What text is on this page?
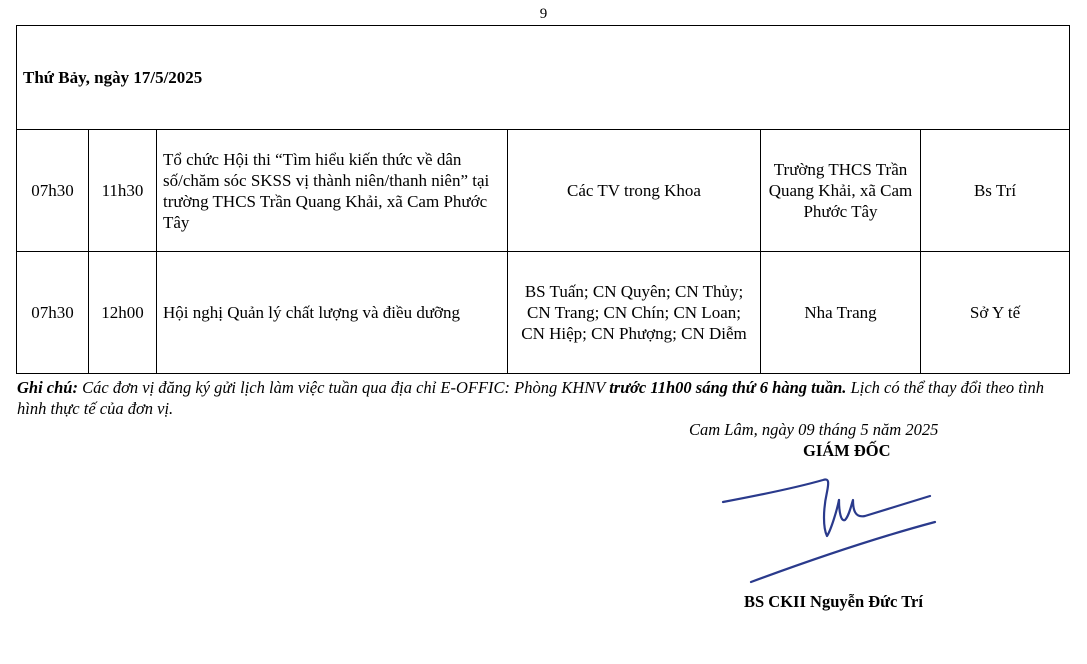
9
Thứ Bảy, ngày 17/5/2025					
07h30	11h30	Tổ chức Hội thi “Tìm hiểu kiến thức về dân số/chăm sóc SKSS vị thành niên/thanh niên” tại trường THCS Trần Quang Khải, xã Cam Phước Tây	Các TV trong Khoa	Trường THCS Trần Quang Khải, xã Cam Phước Tây	Bs Trí
07h30	12h00	Hội nghị Quản lý chất lượng và điều dưỡng	BS Tuấn; CN Quyên; CN Thủy; CN Trang; CN Chín; CN Loan; CN Hiệp; CN Phượng; CN Diễm	Nha Trang	Sở Y tế
Ghi chú: Các đơn vị đăng ký gửi lịch làm việc tuần qua địa chỉ E-OFFIC: Phòng KHNV trước 11h00 sáng thứ 6 hàng tuần. Lịch có thể thay đổi theo tình hình thực tế của đơn vị.
Cam Lâm, ngày 09 tháng 5 năm 2025
GIÁM ĐỐC
BS CKII Nguyễn Đức Trí
